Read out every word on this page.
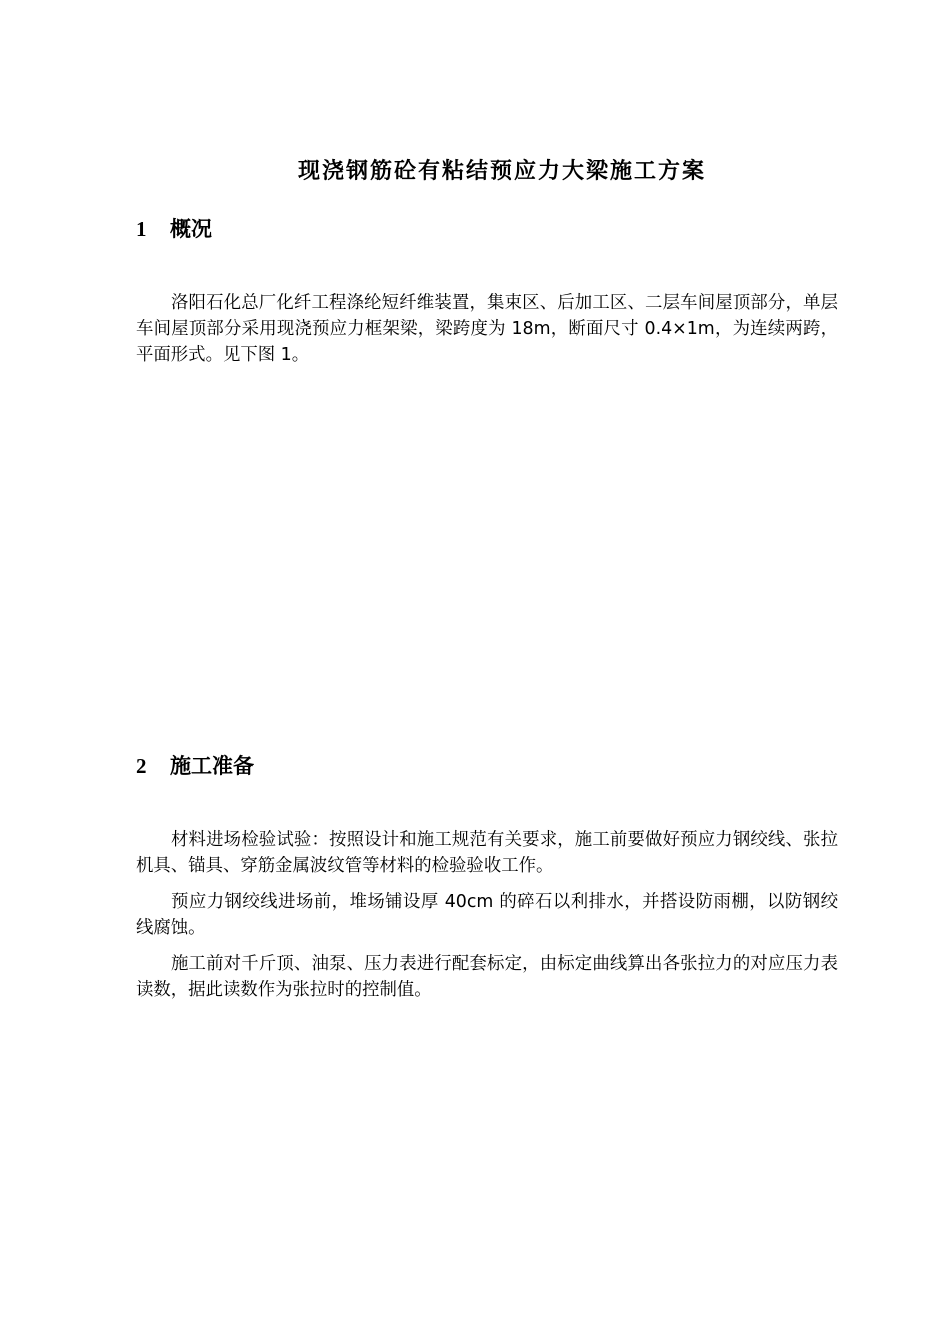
现浇钢筋砼有粘结预应力大梁施工方案
1 概况

洛阳石化总厂化纤工程涤纶短纤维装置，集束区、后加工区、二层车间屋顶部分，单层车间屋顶部分采用现浇预应力框架梁，梁跨度为 18m，断面尺寸 0.4×1m，为连续两跨，平面形式。见下图 1。

2 施工准备

材料进场检验试验：按照设计和施工规范有关要求，施工前要做好预应力钢绞线、张拉机具、锚具、穿筋金属波纹管等材料的检验验收工作。

预应力钢绞线进场前，堆场铺设厚 40cm 的碎石以利排水，并搭设防雨棚，以防钢绞线腐蚀。

施工前对千斤顶、油泵、压力表进行配套标定，由标定曲线算出各张拉力的对应压力表读数，据此读数作为张拉时的控制值。
